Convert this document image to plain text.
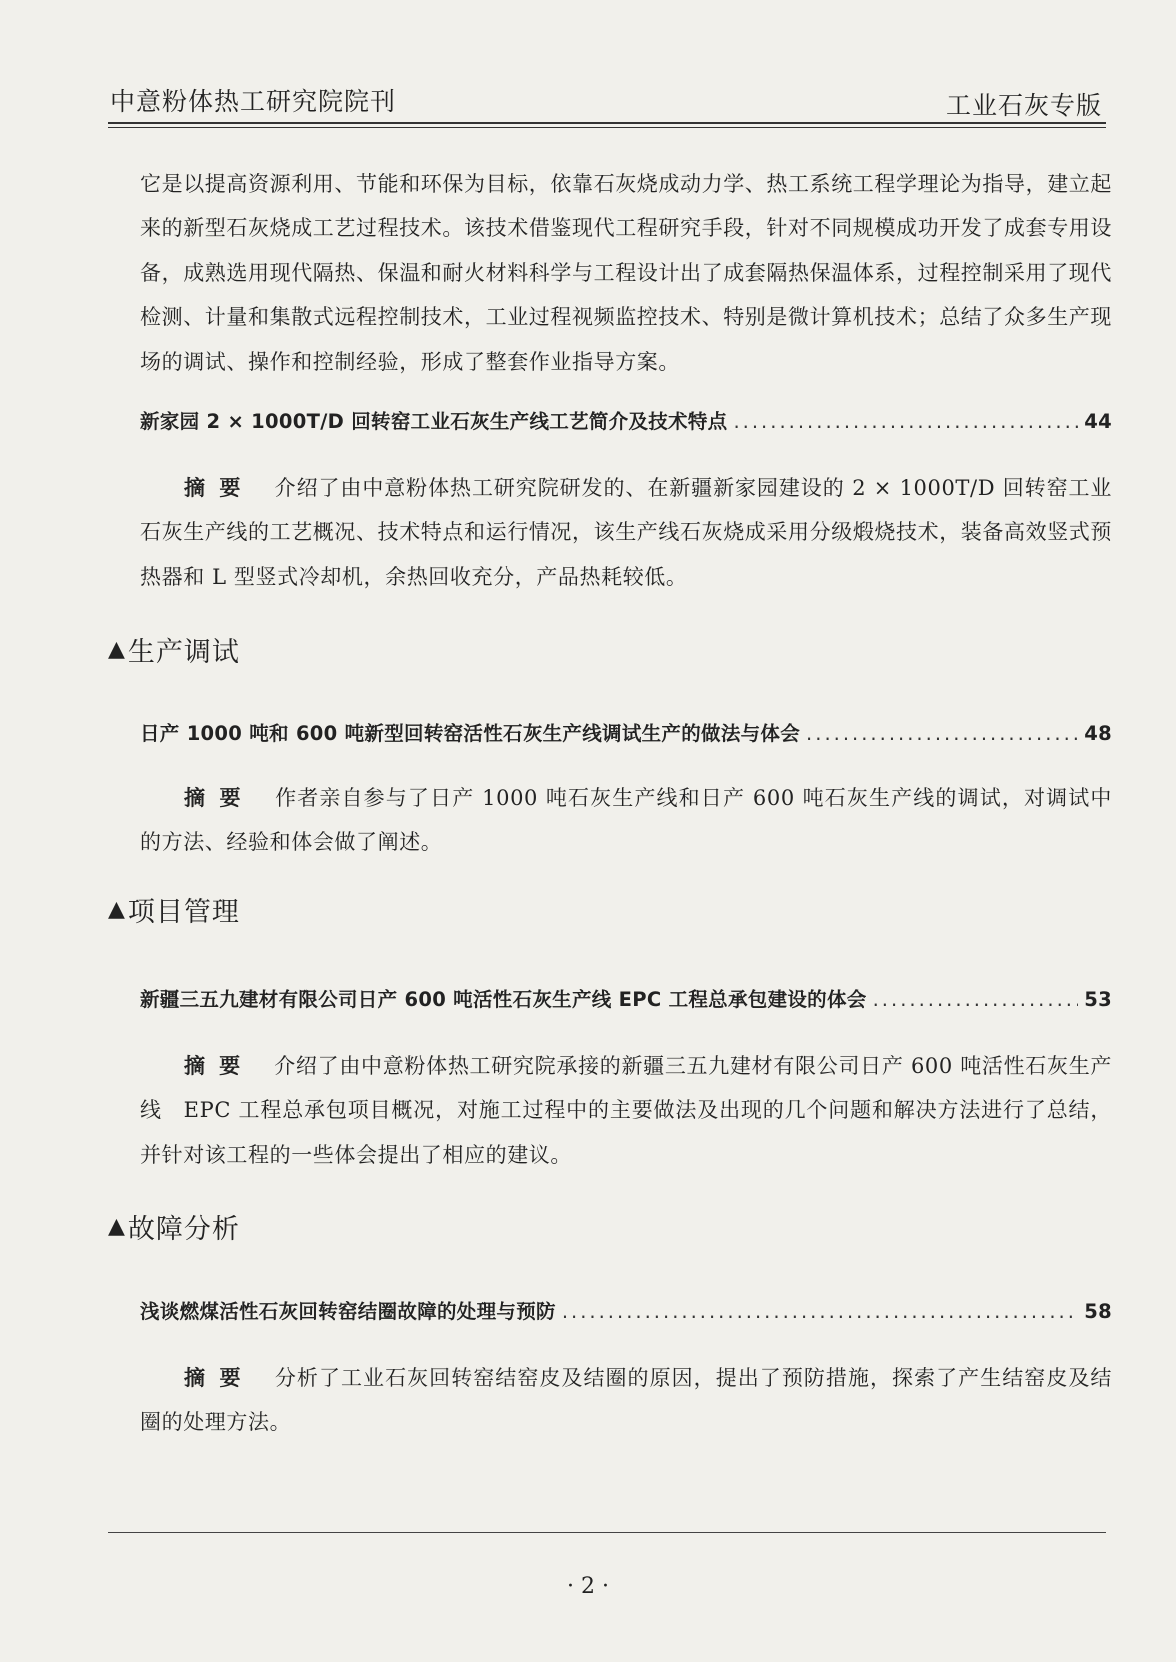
中意粉体热工研究院院刊	工业石灰专版

它是以提高资源利用、节能和环保为目标，依靠石灰烧成动力学、热工系统工程学理论为指导，建立起来的新型石灰烧成工艺过程技术。该技术借鉴现代工程研究手段，针对不同规模成功开发了成套专用设备，成熟选用现代隔热、保温和耐火材料科学与工程设计出了成套隔热保温体系，过程控制采用了现代检测、计量和集散式远程控制技术，工业过程视频监控技术、特别是微计算机技术；总结了众多生产现场的调试、操作和控制经验，形成了整套作业指导方案。

新家园 2 × 1000T/D 回转窑工业石灰生产线工艺简介及技术特点 .....	44

摘要 介绍了由中意粉体热工研究院研发的、在新疆新家园建设的 2 × 1000T/D 回转窑工业石灰生产线的工艺概况、技术特点和运行情况，该生产线石灰烧成采用分级煅烧技术，装备高效竖式预热器和 L 型竖式冷却机，余热回收充分，产品热耗较低。

▲ 生产调试
日产 1000 吨和 600 吨新型回转窑活性石灰生产线调试生产的做法与体会 .....	48

摘要 作者亲自参与了日产 1000 吨石灰生产线和日产 600 吨石灰生产线的调试，对调试中的方法、经验和体会做了阐述。

▲ 项目管理
新疆三五九建材有限公司日产 600 吨活性石灰生产线 EPC 工程总承包建设的体会 .....	53

摘要 介绍了由中意粉体热工研究院承接的新疆三五九建材有限公司日产 600 吨活性石灰生产线　EPC 工程总承包项目概况，对施工过程中的主要做法及出现的几个问题和解决方法进行了总结，并针对该工程的一些体会提出了相应的建议。

▲ 故障分析
浅谈燃煤活性石灰回转窑结圈故障的处理与预防 .....	58

摘要 分析了工业石灰回转窑结窑皮及结圈的原因，提出了预防措施，探索了产生结窑皮及结圈的处理方法。

· 2 ·
